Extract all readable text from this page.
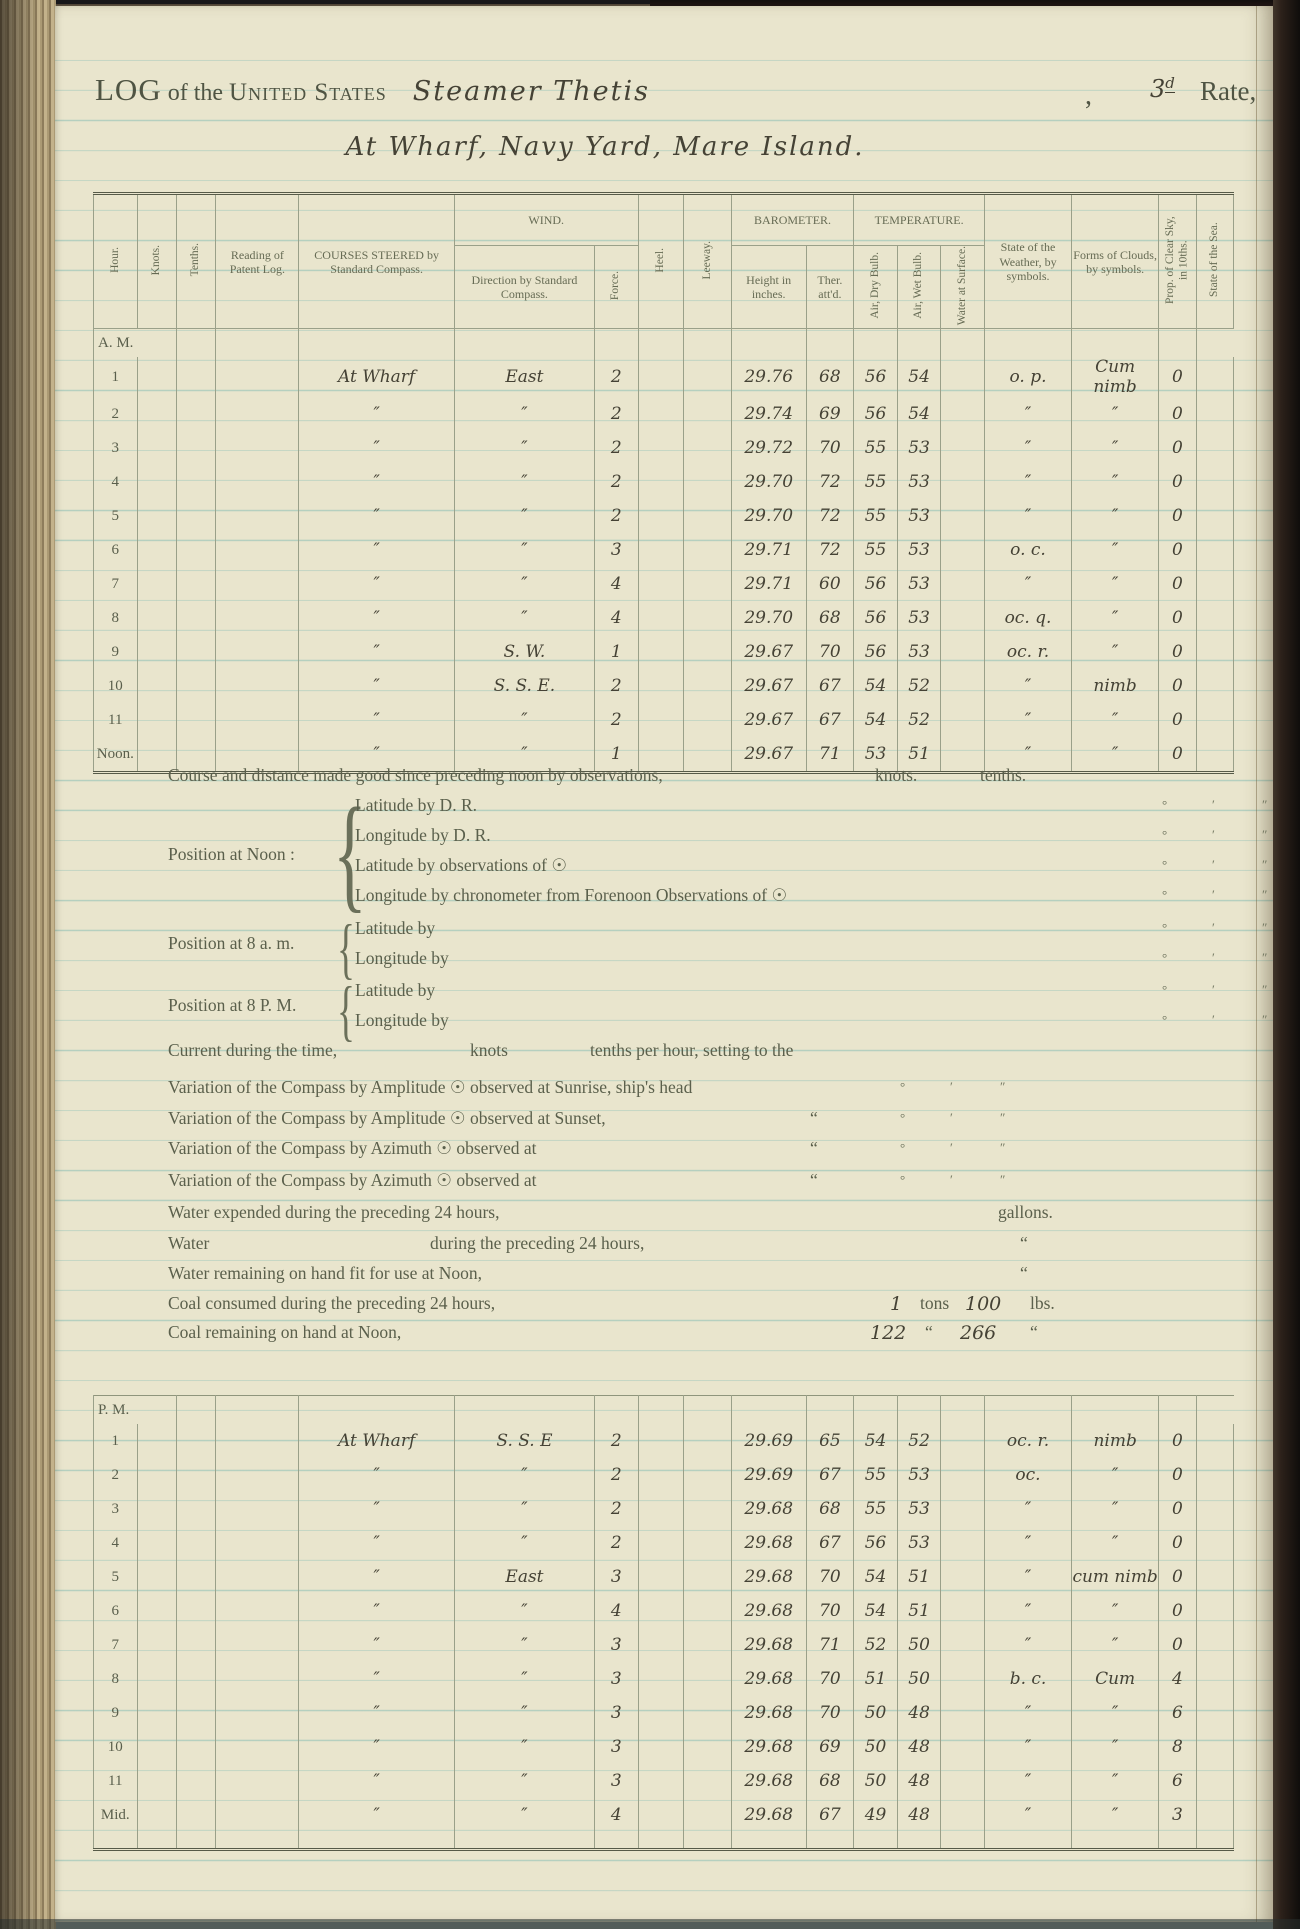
LOG of the United States Steamer Thetis	, 3$^d$ Rate,
At Wharf, Navy Yard, Mare Island.
Hour.	Knots.	Tenths.	Reading of Patent Log.	COURSES STEERED by Standard Compass.	WIND.		Heel.	Leeway.	BAROMETER.		TEMPERATURE.			State of the Weather, by symbols.	Forms of Clouds, by symbols.	Prop. of Clear Sky, in 10ths.	State of the Sea.
					Direction by Standard Compass.	Force.			Height in inches.	Ther. att'd.	Air, Dry Bulb.	Air, Wet Bulb.	Water at Surface.				
A. M.																	
1				At Wharf	East	2			29.76	68	56	54		o. p.	Cum nimb	0	
2				″	″	2			29.74	69	56	54		″	″	0	
3				″	″	2			29.72	70	55	53		″	″	0	
4				″	″	2			29.70	72	55	53		″	″	0	
5				″	″	2			29.70	72	55	53		″	″	0	
6				″	″	3			29.71	72	55	53		o. c.	″	0	
7				″	″	4			29.71	60	56	53		″	″	0	
8				″	″	4			29.70	68	56	53		oc. q.	″	0	
9				″	S. W.	1			29.67	70	56	53		oc. r.	″	0	
10				″	S. S. E.	2			29.67	67	54	52		″	nimb	0	
11				″	″	2			29.67	67	54	52		″	″	0	
Noon.				″	″	1			29.67	71	53	51		″	″	0	
Course and distance made good since preceding noon by observations,	knots.	tenths.
Position at Noon : {
Latitude by D. R.	°	′	″
Longitude by D. R.	°	′	″
Latitude by observations of ☉	°	′	″
Longitude by chronometer from Forenoon Observations of ☉	°	′	″
Position at 8 a. m. { Latitude by	°	′	″
Longitude by	°	′	″
Position at 8 P. M. { Latitude by	°	′	″
Longitude by	°	′	″
Current during the time,	knots	tenths per hour, setting to the
Variation of the Compass by Amplitude ☉ observed at Sunrise, ship's head	°	′	″
Variation of the Compass by Amplitude ☉ observed at Sunset,	“	°	′	″
Variation of the Compass by Azimuth ☉ observed at	“	°	′	″
Variation of the Compass by Azimuth ☉ observed at	“	°	′	″
Water expended during the preceding 24 hours,	gallons.
Water	during the preceding 24 hours,	“
Water remaining on hand fit for use at Noon,	“
Coal consumed during the preceding 24 hours,	1 tons 100 lbs.
Coal remaining on hand at Noon,	122 “ 266 “
P. M.																	
1				At Wharf	S. S. E	2			29.69	65	54	52		oc. r.	nimb	0	
2				″	″	2			29.69	67	55	53		oc.	″	0	
3				″	″	2			29.68	68	55	53		″	″	0	
4				″	″	2			29.68	67	56	53		″	″	0	
5				″	East	3			29.68	70	54	51		″	cum nimb	0	
6				″	″	4			29.68	70	54	51		″	″	0	
7				″	″	3			29.68	71	52	50		″	″	0	
8				″	″	3			29.68	70	51	50		b. c.	Cum	4	
9				″	″	3			29.68	70	50	48		″	″	6	
10				″	″	3			29.68	69	50	48		″	″	8	
11				″	″	3			29.68	68	50	48		″	″	6	
Mid.				″	″	4			29.68	67	49	48		″	″	3	
